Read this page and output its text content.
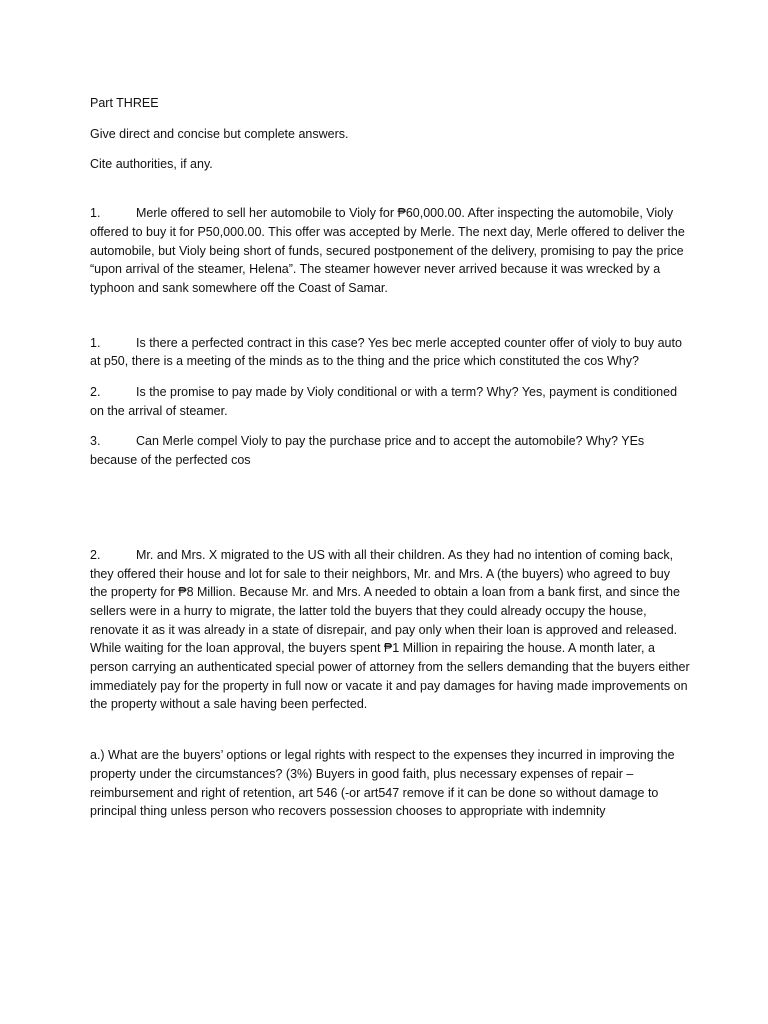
Part THREE

Give direct and concise but complete answers.

Cite authorities, if any.

1.	Merle offered to sell her automobile to Violy for ₱60,000.00. After inspecting the automobile, Violy offered to buy it for P50,000.00. This offer was accepted by Merle. The next day, Merle offered to deliver the automobile, but Violy being short of funds, secured postponement of the delivery, promising to pay the price “upon arrival of the steamer, Helena”. The steamer however never arrived because it was wrecked by a typhoon and sank somewhere off the Coast of Samar.

1.	Is there a perfected contract in this case? Yes bec merle accepted counter offer of violy to buy auto at p50, there is a meeting of the minds as to the thing and the price which constituted the cos Why?

2.	Is the promise to pay made by Violy conditional or with a term? Why? Yes, payment is conditioned on the arrival of steamer.

3.	Can Merle compel Violy to pay the purchase price and to accept the automobile? Why? YEs because of the perfected cos

2.	Mr. and Mrs. X migrated to the US with all their children. As they had no intention of coming back, they offered their house and lot for sale to their neighbors, Mr. and Mrs. A (the buyers) who agreed to buy the property for ₱8 Million. Because Mr. and Mrs. A needed to obtain a loan from a bank first, and since the sellers were in a hurry to migrate, the latter told the buyers that they could already occupy the house, renovate it as it was already in a state of disrepair, and pay only when their loan is approved and released. While waiting for the loan approval, the buyers spent ₱1 Million in repairing the house. A month later, a person carrying an authenticated special power of attorney from the sellers demanding that the buyers either immediately pay for the property in full now or vacate it and pay damages for having made improvements on the property without a sale having been perfected.

a.) What are the buyers’ options or legal rights with respect to the expenses they incurred in improving the property under the circumstances? (3%) Buyers in good faith, plus necessary expenses of repair – reimbursement and right of retention, art 546 (-or art547 remove if it can be done so without damage to principal thing unless person who recovers possession chooses to appropriate with indemnity
